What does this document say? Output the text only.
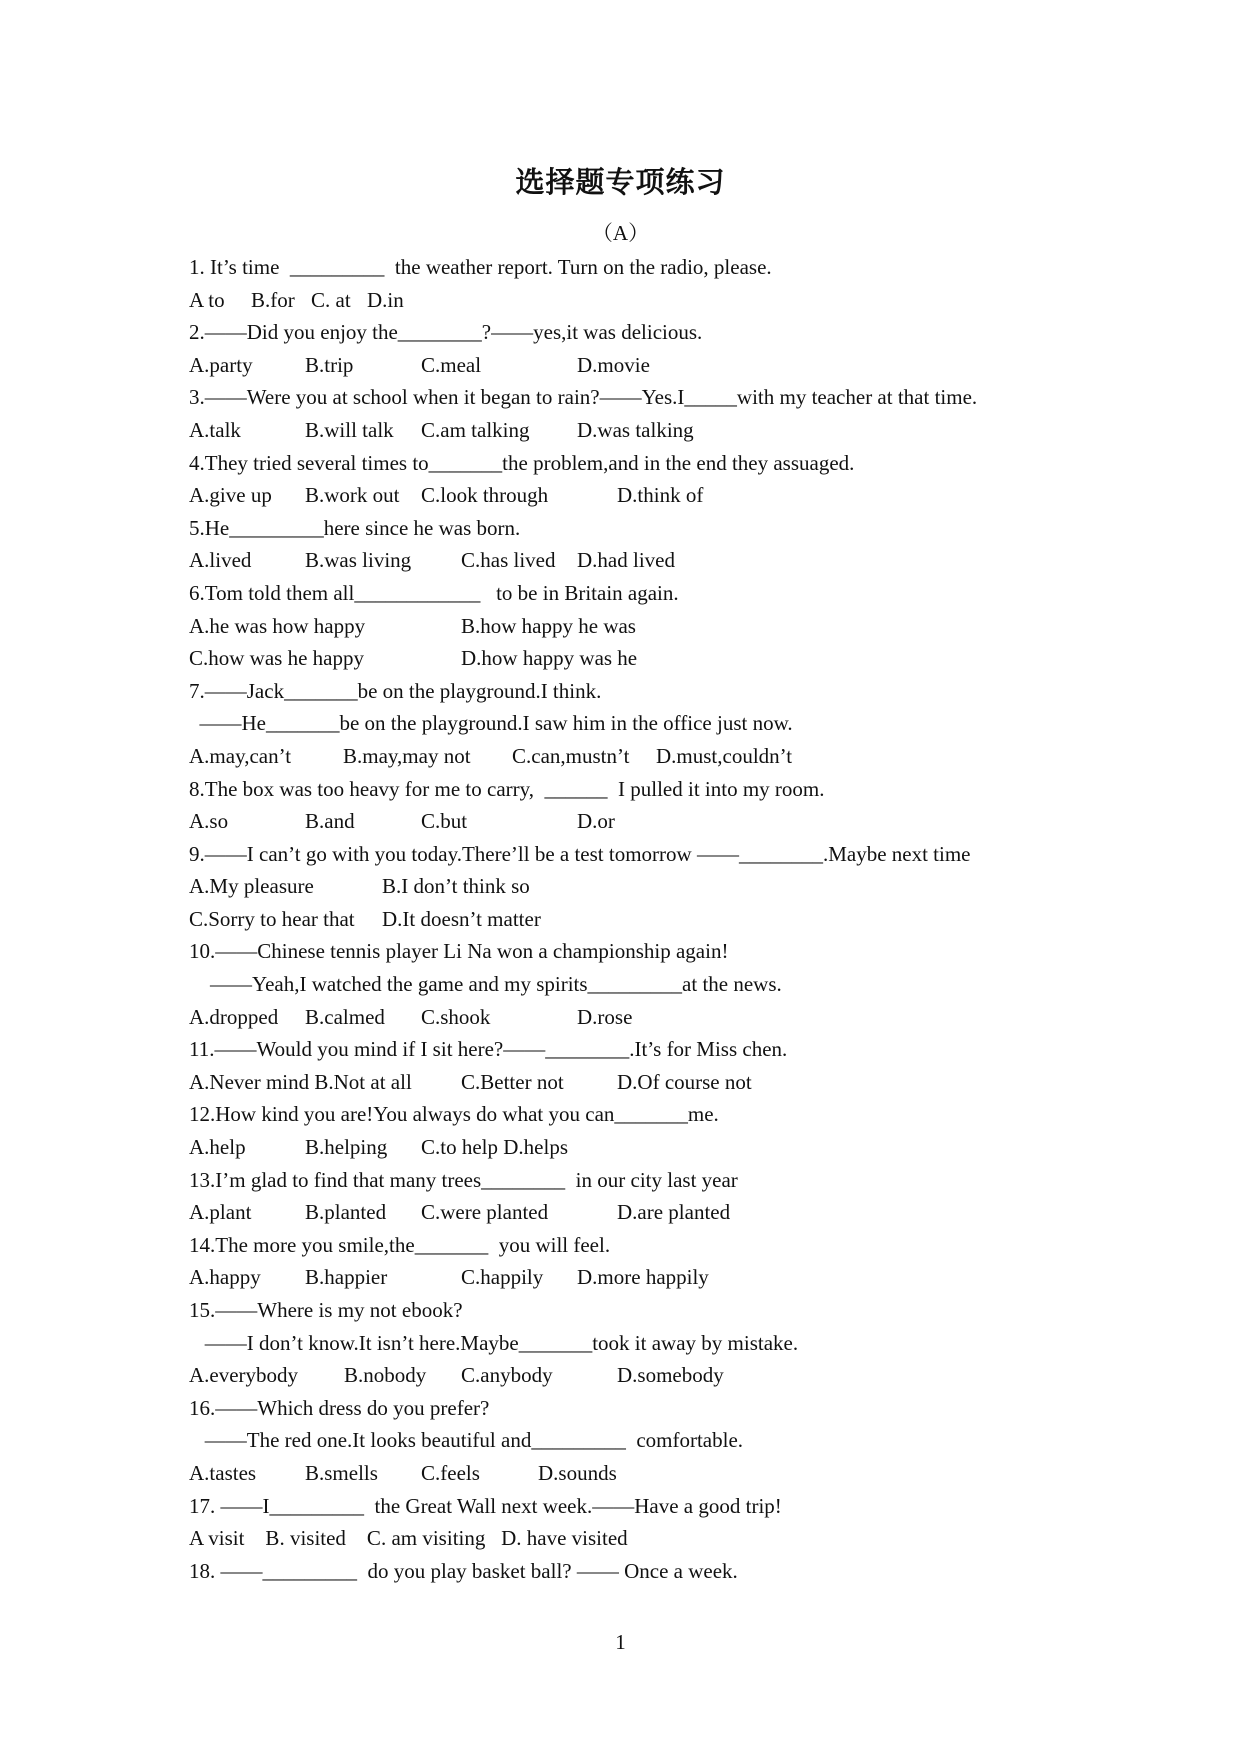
选择题专项练习
（A）
1. It’s time  _________  the weather report. Turn on the radio, please.
A to B.for C. at D.in
2.——Did you enjoy the________?——yes,it was delicious.
A.party B.trip	C.meal	D.movie
3.——Were you at school when it began to rain?——Yes.I_____with my teacher at that time.
A.talk	B.will talk C.am talking D.was talking
4.They tried several times to_______the problem,and in the end they assuaged.
A.give up B.work out C.look through	D.think of
5.He_________here since he was born.
A.lived	B.was living C.has lived D.had lived
6.Tom told them all____________   to be in Britain again.
A.he was how happy	B.how happy he was
C.how was he happy	D.how happy was he
7.——Jack_______be on the playground.I think.
——He_______be on the playground.I saw him in the office just now.
A.may,can’t B.may,may not C.can,mustn’t D.must,couldn’t
8.The box was too heavy for me to carry,  ______  I pulled it into my room.
A.so	B.and	C.but	D.or
9.——I can’t go with you today.There’ll be a test tomorrow ——________.Maybe next time
A.My pleasure	B.I don’t think so
C.Sorry to hear that D.It doesn’t matter
10.——Chinese tennis player Li Na won a championship again!
——Yeah,I watched the game and my spirits_________at the news.
A.dropped B.calmed C.shook	D.rose
11.——Would you mind if I sit here?——________.It’s for Miss chen.
A.Never mind B.Not at all C.Better not	D.Of course not
12.How kind you are!You always do what you can_______me.
A.help	B.helping C.to help D.helps
13.I’m glad to find that many trees________  in our city last year
A.plant	B.planted C.were planted	D.are planted
14.The more you smile,the_______  you will feel.
A.happy B.happier	C.happily D.more happily
15.——Where is my not ebook?
——I don’t know.It isn’t here.Maybe_______took it away by mistake.
A.everybody B.nobody C.anybody	D.somebody
16.——Which dress do you prefer?
——The red one.It looks beautiful and_________  comfortable.
A.tastes B.smells C.feels	D.sounds
17. ——I_________  the Great Wall next week.——Have a good trip!
A visit    B. visited    C. am visiting   D. have visited
18. ——_________  do you play basket ball? —— Once a week.
1
